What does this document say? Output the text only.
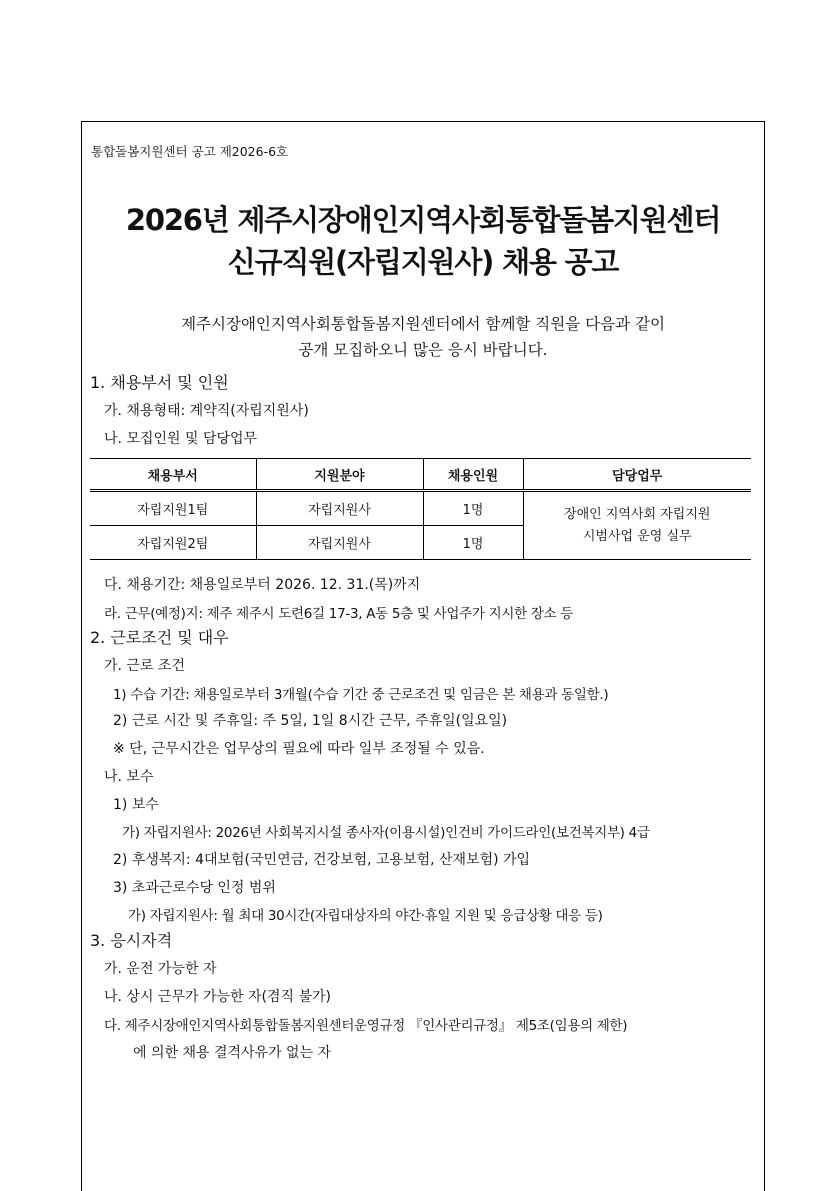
통합돌봄지원센터 공고 제2026-6호
2026년 제주시장애인지역사회통합돌봄지원센터
신규직원(자립지원사) 채용 공고
제주시장애인지역사회통합돌봄지원센터에서 함께할 직원을 다음과 같이
공개 모집하오니 많은 응시 바랍니다.
1. 채용부서 및 인원
가. 채용형태: 계약직(자립지원사)
나. 모집인원 및 담당업무
채용부서	지원분야	채용인원	담당업무
자립지원1팀	자립지원사	1명	장애인 지역사회 자립지원
시범사업 운영 실무

자립지원2팀	자립지원사	1명	
다. 채용기간: 채용일로부터 2026. 12. 31.(목)까지
라. 근무(예정)지: 제주 제주시 도련6길 17-3, A동 5층 및 사업주가 지시한 장소 등
2. 근로조건 및 대우
가. 근로 조건
1) 수습 기간: 채용일로부터 3개월(수습 기간 중 근로조건 및 임금은 본 채용과 동일함.)
2) 근로 시간 및 주휴일: 주 5일, 1일 8시간 근무, 주휴일(일요일)
※ 단, 근무시간은 업무상의 필요에 따라 일부 조정될 수 있음.
나. 보수
1) 보수
가) 자립지원사: 2026년 사회복지시설 종사자(이용시설)인건비 가이드라인(보건복지부) 4급
2) 후생복지: 4대보험(국민연금, 건강보험, 고용보험, 산재보험) 가입
3) 초과근로수당 인정 범위
가) 자립지원사: 월 최대 30시간(자립대상자의 야간·휴일 지원 및 응급상황 대응 등)
3. 응시자격
가. 운전 가능한 자
나. 상시 근무가 가능한 자(겸직 불가)
다. 제주시장애인지역사회통합돌봄지원센터운영규정 『인사관리규정』 제5조(임용의 제한)
에 의한 채용 결격사유가 없는 자
